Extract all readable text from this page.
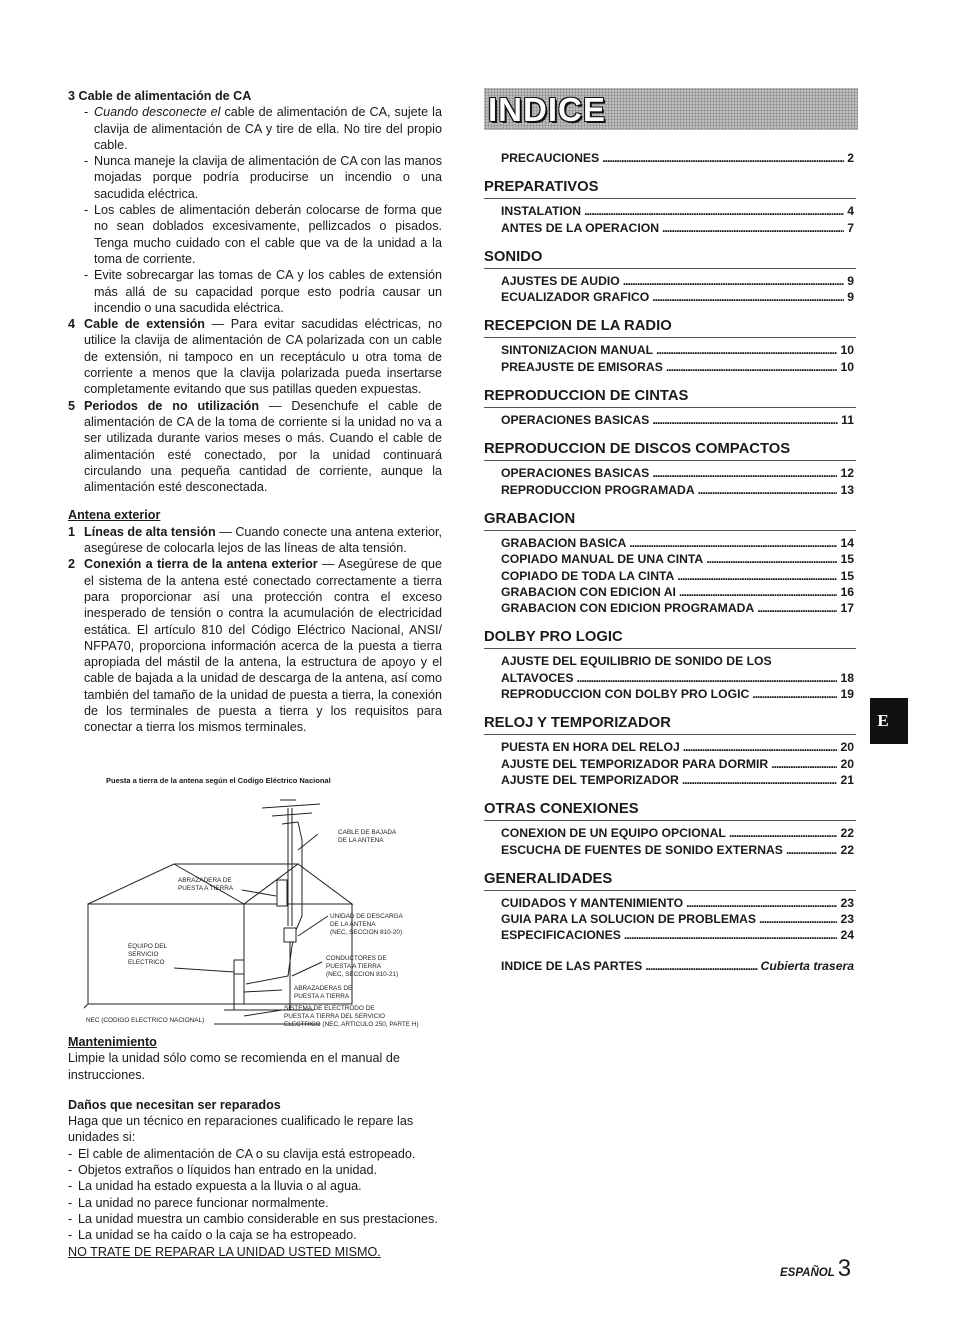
3 Cable de alimentación de CA

- Cuando desconecte el cable de alimentación de CA, sujete la clavija de alimentación de CA y tire de ella. No tire del propio cable.
- Nunca maneje la clavija de alimentación de CA con las manos mojadas porque podría producirse un incendio o una sacudida eléctrica.
- Los cables de alimentación deberán colocarse de forma que no sean doblados excesivamente, pellizcados o pisados. Tenga mucho cuidado con el cable que va de la unidad a la toma de corriente.
- Evite sobrecargar las tomas de CA y los cables de extensión más allá de su capacidad porque esto podría causar un incendio o una sacudida eléctrica.
4 Cable de extensión — Para evitar sacudidas eléctricas, no utilice la clavija de alimentación de CA polarizada con un cable de extensión, ni tampoco en un receptáculo u otra toma de corriente a menos que la clavija polarizada pueda insertarse completamente evitando que sus patillas queden expuestas.
5 Periodos de no utilización — Desenchufe el cable de alimentación de CA de la toma de corriente si la unidad no va a ser utilizada durante varios meses o más. Cuando el cable de alimentación esté conectado, por la unidad continuará circulando una pequeña cantidad de corriente, aunque la alimentación esté desconectada.

Antena exterior

1 Líneas de alta tensión — Cuando conecte una antena exterior, asegúrese de colocarla lejos de las líneas de alta tensión.
2 Conexión a tierra de la antena exterior — Asegúrese de que el sistema de la antena esté conectado correctamente a tierra para proporcionar así una protección contra el exceso inesperado de tensión o contra la acumulación de electricidad estática. El artículo 810 del Código Eléctrico Nacional, ANSI/ NFPA70, proporciona información acerca de la puesta a tierra apropiada del mástil de la antena, la estructura de apoyo y el cable de bajada a la unidad de descarga de la antena, así como también del tamaño de la unidad de puesta a tierra, la conexión de los terminales de puesta a tierra y los requisitos para conectar a tierra los mismos terminales.
Puesta a tierra de la antena según el Codigo Eléctrico Nacional
CABLE DE BAJADA
DE LA ANTENA
ABRAZADERA DE
PUESTA A TIERRA
UNIDAD DE DESCARGA
DE LA ANTENA
(NEC, SECCION 810-20)
EQUIPO DEL
SERVICIO
ELECTRICO
CONDUCTORES DE
PUESTA A TIERRA
(NEC, SECCION 810-21)
ABRAZADERAS DE
PUESTA A TIERRA
SISTEMA DE ELECTRODO DE
PUESTA A TIERRA DEL SERVICIO
ELECTRICO (NEC, ARTICULO 250, PARTE H)
NEC (CODIGO ELECTRICO NACIONAL)

Mantenimiento

Limpie la unidad sólo como se recomienda en el manual de instrucciones.

Daños que necesitan ser reparados

Haga que un técnico en reparaciones cualificado le repare las unidades si:

- El cable de alimentación de CA o su clavija está estropeado.
- Objetos extraños o líquidos han entrado en la unidad.
- La unidad ha estado expuesta a la lluvia o al agua.
- La unidad no parece funcionar normalmente.
- La unidad muestra un cambio considerable en sus prestaciones.
- La unidad se ha caído o la caja se ha estropeado.

NO TRATE DE REPARAR LA UNIDAD USTED MISMO.

INDICE
PRECAUCIONES . . .	2
PREPARATIVOS
INSTALATION . . .	4
ANTES DE LA OPERACION . . .	7
SONIDO
AJUSTES DE AUDIO . . .	9
ECUALIZADOR GRAFICO . . .	9
RECEPCION DE LA RADIO
SINTONIZACION MANUAL . . .	10
PREAJUSTE DE EMISORAS . . .	10
REPRODUCCION DE CINTAS
OPERACIONES BASICAS . . .	11
REPRODUCCION DE DISCOS COMPACTOS
OPERACIONES BASICAS . . .	12
REPRODUCCION PROGRAMADA . . .	13
GRABACION
GRABACION BASICA . . .	14
COPIADO MANUAL DE UNA CINTA . . .	15
COPIADO DE TODA LA CINTA . . .	15
GRABACION CON EDICION AI . . .	16
GRABACION CON EDICION PROGRAMADA . . .	17
DOLBY PRO LOGIC
AJUSTE DEL EQUILIBRIO DE SONIDO DE LOS
ALTAVOCES . . .	18
REPRODUCCION CON DOLBY PRO LOGIC . . .	19
RELOJ Y TEMPORIZADOR
PUESTA EN HORA DEL RELOJ . . .	20
AJUSTE DEL TEMPORIZADOR PARA DORMIR . . .	20
AJUSTE DEL TEMPORIZADOR . . .	21
OTRAS CONEXIONES
CONEXION DE UN EQUIPO OPCIONAL . . .	22
ESCUCHA DE FUENTES DE SONIDO EXTERNAS . . .	22
GENERALIDADES
CUIDADOS Y MANTENIMIENTO . . .	23
GUIA PARA LA SOLUCION DE PROBLEMAS . . .	23
ESPECIFICACIONES . . .	24
INDICE DE LAS PARTES . . .	Cubierta trasera
E
ESPAÑOL 3
